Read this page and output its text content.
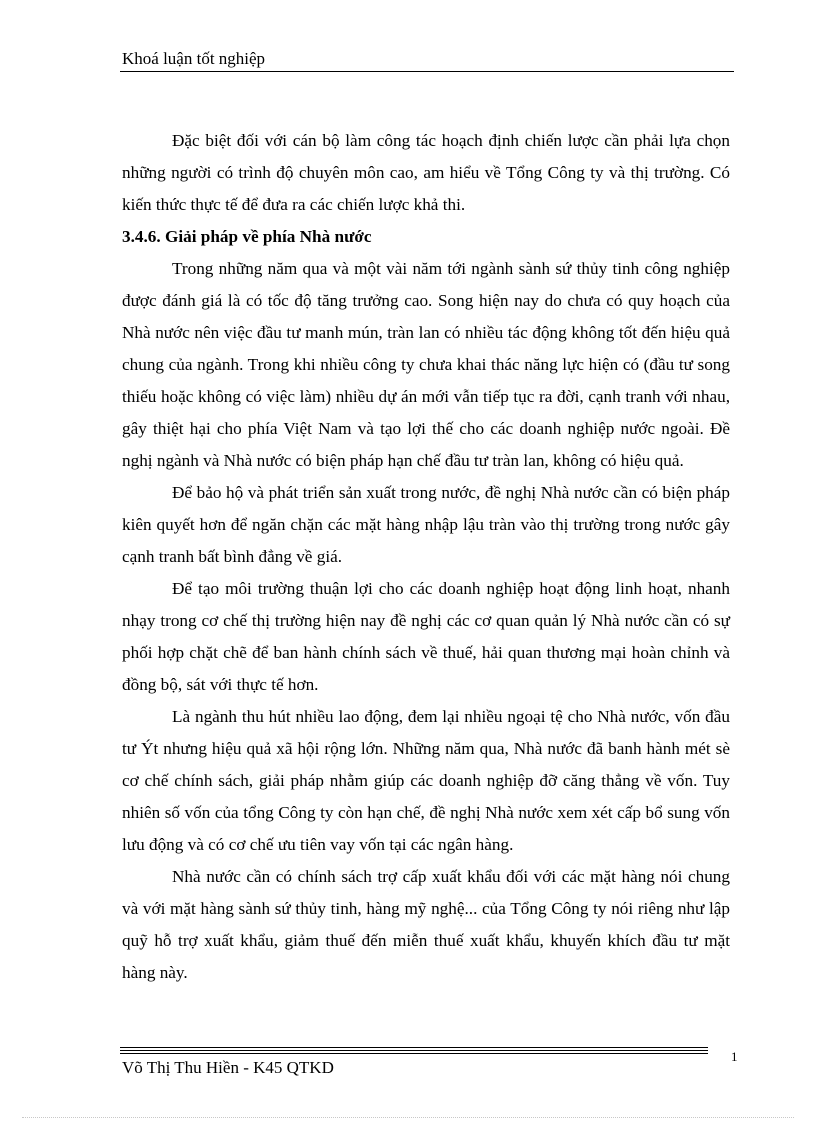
Khoá luận tốt nghiệp

Đặc biệt đối với cán bộ làm công tác hoạch định chiến lược cần phải lựa chọn những người có trình độ chuyên môn cao, am hiểu về Tổng Công ty và thị trường. Có kiến thức thực tế để đưa ra các chiến lược khả thi.

3.4.6. Giải pháp về phía Nhà nước

Trong những năm qua và một vài năm tới ngành sành sứ thủy tinh công nghiệp được đánh giá là có tốc độ tăng trưởng cao. Song hiện nay do chưa có quy hoạch của Nhà nước nên việc đầu tư manh mún, tràn lan có nhiều tác động không tốt đến hiệu quả chung của ngành. Trong khi nhiều công ty chưa khai thác năng lực hiện có (đầu tư song thiếu hoặc không có việc làm) nhiều dự án mới vẫn tiếp tục ra đời, cạnh tranh với nhau, gây thiệt hại cho phía Việt Nam và tạo lợi thế cho các doanh nghiệp nước ngoài. Đề nghị ngành và Nhà nước có biện pháp hạn chế đầu tư tràn lan, không có hiệu quả.

Để bảo hộ và phát triển sản xuất trong nước, đề nghị Nhà nước cần có biện pháp kiên quyết hơn để ngăn chặn các mặt hàng nhập lậu tràn vào thị trường trong nước gây cạnh tranh bất bình đẳng về giá.

Để tạo môi trường thuận lợi cho các doanh nghiệp hoạt động linh hoạt, nhanh nhạy trong cơ chế thị trường hiện nay đề nghị các cơ quan quản lý Nhà nước cần có sự phối hợp chặt chẽ để ban hành chính sách về thuế, hải quan thương mại hoàn chỉnh và đồng bộ, sát với thực tế hơn.

Là ngành thu hút nhiều lao động, đem lại nhiều ngoại tệ cho Nhà nước, vốn đầu tư Ýt nhưng hiệu quả xã hội rộng lớn. Những năm qua, Nhà nước đã banh hành mét sè cơ chế chính sách, giải pháp nhằm giúp các doanh nghiệp đỡ căng thẳng về vốn. Tuy nhiên số vốn của tổng Công ty còn hạn chế, đề nghị Nhà nước xem xét cấp bổ sung vốn lưu động và có cơ chế ưu tiên vay vốn tại các ngân hàng.

Nhà nước cần có chính sách trợ cấp xuất khẩu đối với các mặt hàng nói chung và với mặt hàng sành sứ thủy tinh, hàng mỹ nghệ... của Tổng Công ty nói riêng như lập quỹ hỗ trợ xuất khẩu, giảm thuế đến miễn thuế xuất khẩu, khuyến khích đầu tư mặt hàng này.

Võ Thị Thu Hiền - K45 QTKD
1
